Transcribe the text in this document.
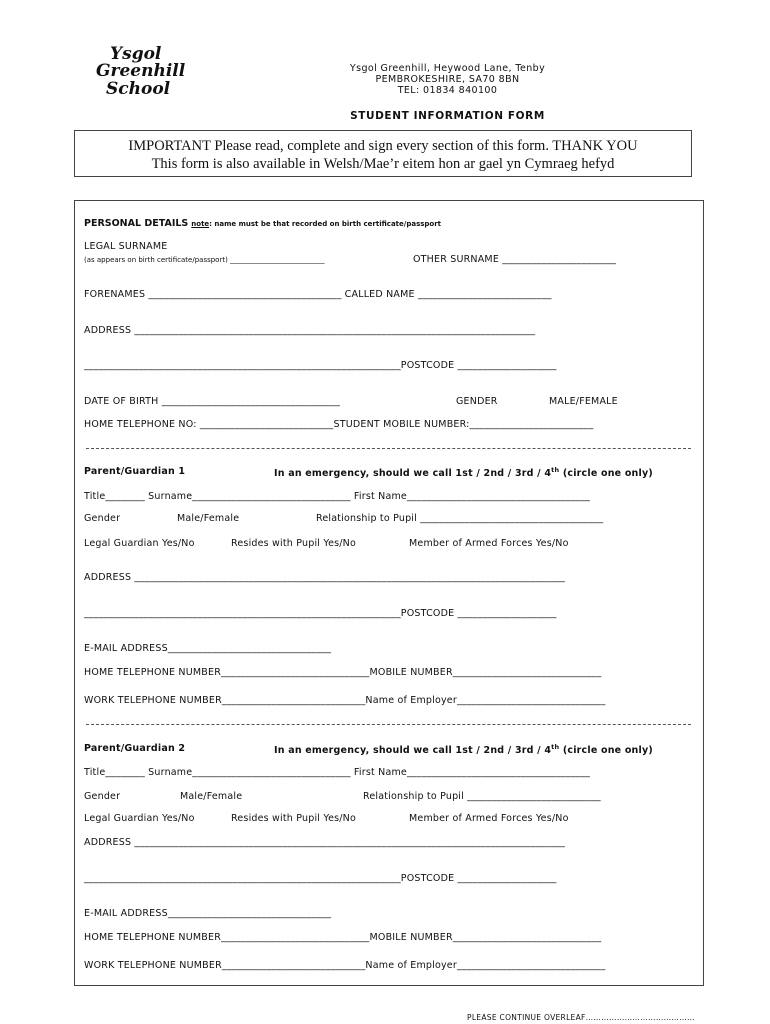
Ysgol
Greenhill
School
Ysgol Greenhill, Heywood Lane, Tenby
PEMBROKESHIRE, SA70 8BN
TEL: 01834 840100
STUDENT INFORMATION FORM
IMPORTANT Please read, complete and sign every section of this form. THANK YOU
This form is also available in Welsh/Mae’r eitem hon ar gael yn Cymraeg hefyd
PERSONAL DETAILS note: name must be that recorded on birth certificate/passport
LEGAL SURNAME
(as appears on birth certificate/passport) ___________________________	OTHER SURNAME _______________________
FORENAMES _______________________________________ CALLED NAME ___________________________
ADDRESS _________________________________________________________________________________
________________________________________________________________POSTCODE ____________________
DATE OF BIRTH ____________________________________	GENDER	MALE/FEMALE
HOME TELEPHONE NO: ___________________________STUDENT MOBILE NUMBER:_________________________
Parent/Guardian 1	In an emergency, should we call 1st / 2nd / 3rd / 4th (circle one only)
Title________ Surname________________________________ First Name_____________________________________
Gender	Male/Female	Relationship to Pupil _____________________________________
Legal Guardian Yes/No	Resides with Pupil Yes/No	Member of Armed Forces Yes/No
ADDRESS _______________________________________________________________________________________
________________________________________________________________POSTCODE ____________________
E-MAIL ADDRESS_________________________________
HOME TELEPHONE NUMBER______________________________MOBILE NUMBER______________________________
WORK TELEPHONE NUMBER_____________________________Name of Employer______________________________
Parent/Guardian 2	In an emergency, should we call 1st / 2nd / 3rd / 4th (circle one only)
Title________ Surname________________________________ First Name_____________________________________
Gender	Male/Female	Relationship to Pupil ___________________________
Legal Guardian Yes/No	Resides with Pupil Yes/No	Member of Armed Forces Yes/No
ADDRESS _______________________________________________________________________________________
________________________________________________________________POSTCODE ____________________
E-MAIL ADDRESS_________________________________
HOME TELEPHONE NUMBER______________________________MOBILE NUMBER______________________________
WORK TELEPHONE NUMBER_____________________________Name of Employer______________________________
PLEASE CONTINUE OVERLEAF……………………………………
